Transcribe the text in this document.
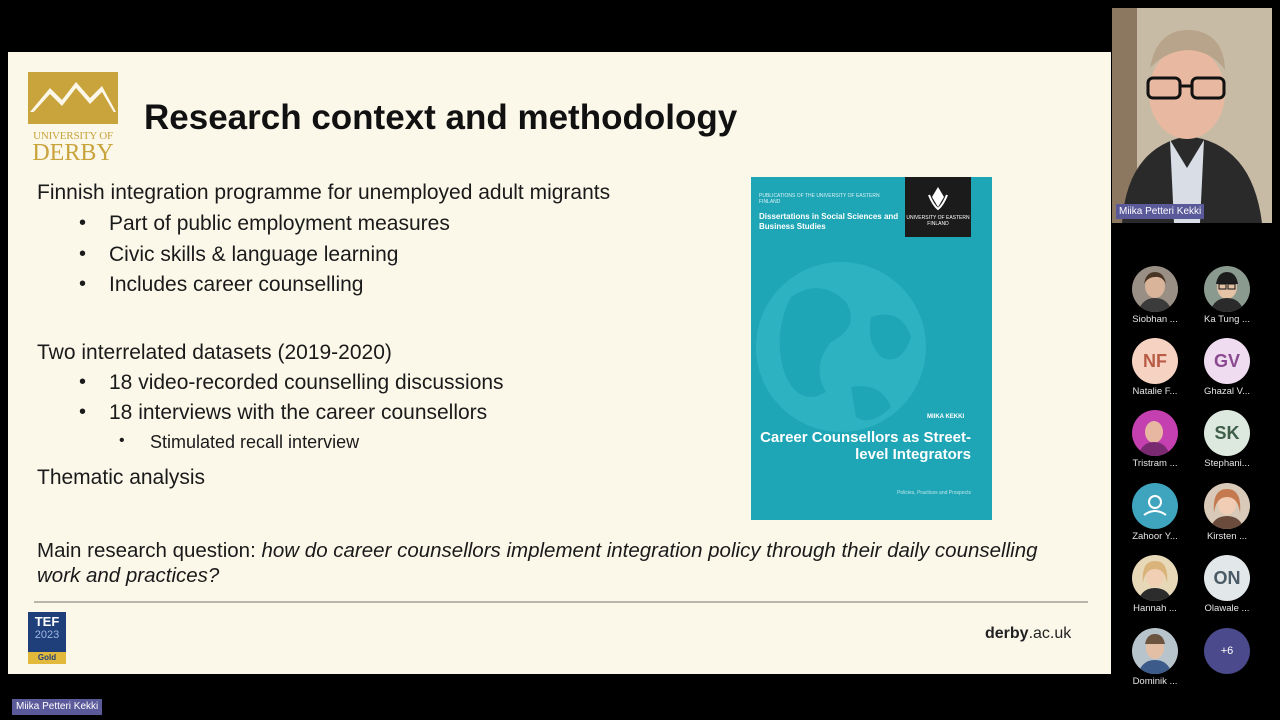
UNIVERSITY OF
DERBY
Research context and methodology
Finnish integration programme for unemployed adult migrants
• Part of public employment measures
• Civic skills & language learning
• Includes career counselling
Two interrelated datasets (2019-2020)
• 18 video-recorded counselling discussions
• 18 interviews with the career counsellors
• Stimulated recall interview
Thematic analysis
Main research question: how do career counsellors implement integration policy through their daily counselling work and practices?
PUBLICATIONS OF THE UNIVERSITY OF EASTERN FINLAND
Dissertations in Social Sciences and Business Studies
UNIVERSITY OF EASTERN FINLAND
MIIKA KEKKI
Career Counsellors as Street-level Integrators
Policies, Practices and Prospects
TEF
2023
Gold
derby.ac.uk
Miika Petteri Kekki
Miika Petteri Kekki
Siobhan ...	Ka Tung ...
NF
Natalie F...
GV
Ghazal V...
Tristram ...
SK
Stephani...
Zahoor Y...	Kirsten ...
Hannah ...
ON
Olawale ...
Dominik ...
+6
